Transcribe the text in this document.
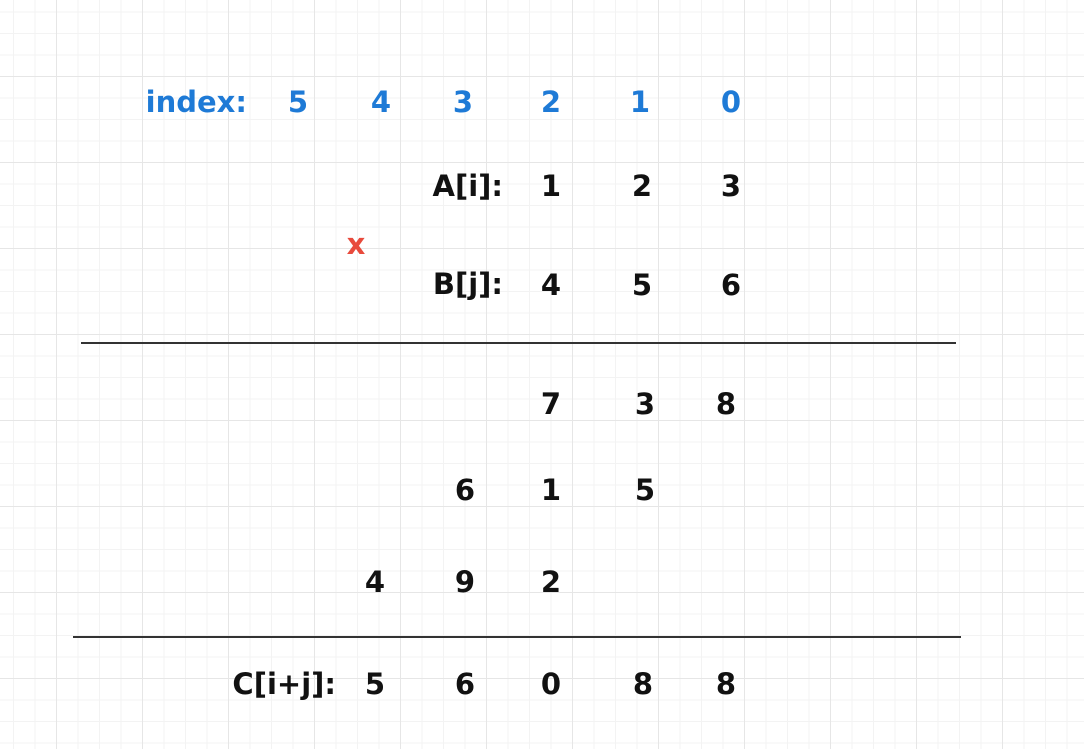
index: 5 4 3 2 1 0
A[i]: 1 2 3
x
B[j]: 4 5 6
7	3 8
6 1	5
4 9 2
C[i+j]: 5 6 0 8 8
